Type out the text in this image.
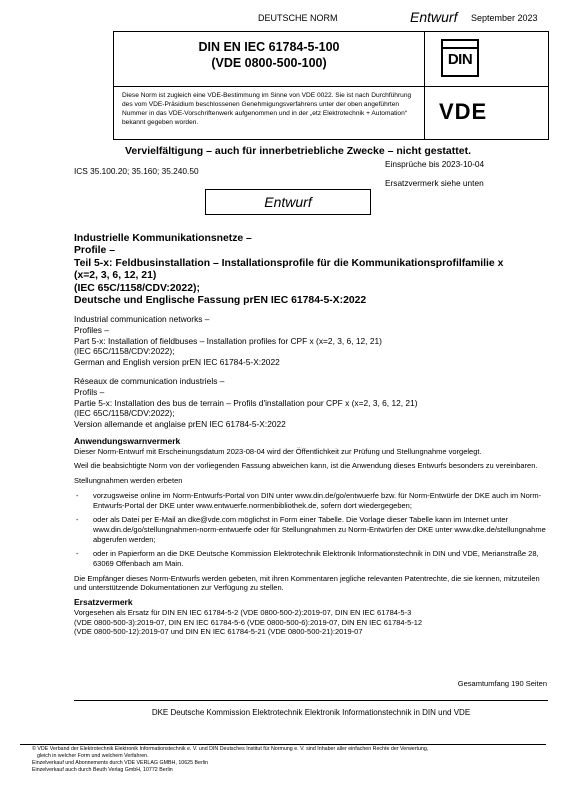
DEUTSCHE NORM	Entwurf September 2023
DIN EN IEC 61784-5-100
(VDE 0800-500-100)	DIN
Diese Norm ist zugleich eine VDE-Bestimmung im Sinne von VDE 0022. Sie ist nach Durchführung des vom VDE-Präsidium beschlossenen Genehmigungsverfahrens unter der oben angeführten Nummer in das VDE-Vorschriftenwerk aufgenommen und in der „etz Elektrotechnik + Automation“ bekannt gegeben worden.	VDE
Vervielfältigung – auch für innerbetriebliche Zwecke – nicht gestattet.
Einsprüche bis 2023-10-04
ICS 35.100.20; 35.160; 35.240.50
Ersatzvermerk siehe unten
Entwurf
Industrielle Kommunikationsnetze –
Profile –
Teil 5-x: Feldbusinstallation – Installationsprofile für die Kommunikationsprofilfamilie x
(x=2, 3, 6, 12, 21)
(IEC 65C/1158/CDV:2022);
Deutsche und Englische Fassung prEN IEC 61784-5-X:2022
Industrial communication networks –
Profiles –
Part 5-x: Installation of fieldbuses – Installation profiles for CPF x (x=2, 3, 6, 12, 21)
(IEC 65C/1158/CDV:2022);
German and English version prEN IEC 61784-5-X:2022
Réseaux de communication industriels –
Profils –
Partie 5-x: Installation des bus de terrain – Profils d'installation pour CPF x (x=2, 3, 6, 12, 21)
(IEC 65C/1158/CDV:2022);
Version allemande et anglaise prEN IEC 61784-5-X:2022

Anwendungswarnvermerk

Dieser Norm-Entwurf mit Erscheinungsdatum 2023-08-04 wird der Öffentlichkeit zur Prüfung und Stellungnahme vorgelegt.

Weil die beabsichtigte Norm von der vorliegenden Fassung abweichen kann, ist die Anwendung dieses Entwurfs besonders zu vereinbaren.

Stellungnahmen werden erbeten

- vorzugsweise online im Norm-Entwurfs-Portal von DIN unter www.din.de/go/entwuerfe bzw. für Norm-Entwürfe der DKE auch im Norm-Entwurfs-Portal der DKE unter www.entwuerfe.normenbibliothek.de, sofern dort wiedergegeben;
- oder als Datei per E-Mail an dke@vde.com möglichst in Form einer Tabelle. Die Vorlage dieser Tabelle kann im Internet unter www.din.de/go/stellungnahmen-norm-entwuerfe oder für Stellungnahmen zu Norm-Entwürfen der DKE unter www.dke.de/stellungnahme abgerufen werden;
- oder in Papierform an die DKE Deutsche Kommission Elektrotechnik Elektronik Informationstechnik in DIN und VDE, Merianstraße 28, 63069 Offenbach am Main.

Die Empfänger dieses Norm-Entwurfs werden gebeten, mit ihren Kommentaren jegliche relevanten Patentrechte, die sie kennen, mitzuteilen und unterstützende Dokumentationen zur Verfügung zu stellen.

Ersatzvermerk

Vorgesehen als Ersatz für DIN EN IEC 61784-5-2 (VDE 0800-500-2):2019-07, DIN EN IEC 61784-5-3
(VDE 0800-500-3):2019-07, DIN EN IEC 61784-5-6 (VDE 0800-500-6):2019-07, DIN EN IEC 61784-5-12
(VDE 0800-500-12):2019-07 und DIN EN IEC 61784-5-21 (VDE 0800-500-21):2019-07
Gesamtumfang 190 Seiten
DKE Deutsche Kommission Elektrotechnik Elektronik Informationstechnik in DIN und VDE
© VDE Verband der Elektrotechnik Elektronik Informationstechnik e. V. und DIN Deutsches Institut für Normung e. V. sind Inhaber aller einfachen Rechte der Verwertung,
gleich in welcher Form und welchem Verfahren.
Einzelverkauf und Abonnements durch VDE VERLAG GMBH, 10625 Berlin
Einzelverkauf auch durch Beuth Verlag GmbH, 10772 Berlin
